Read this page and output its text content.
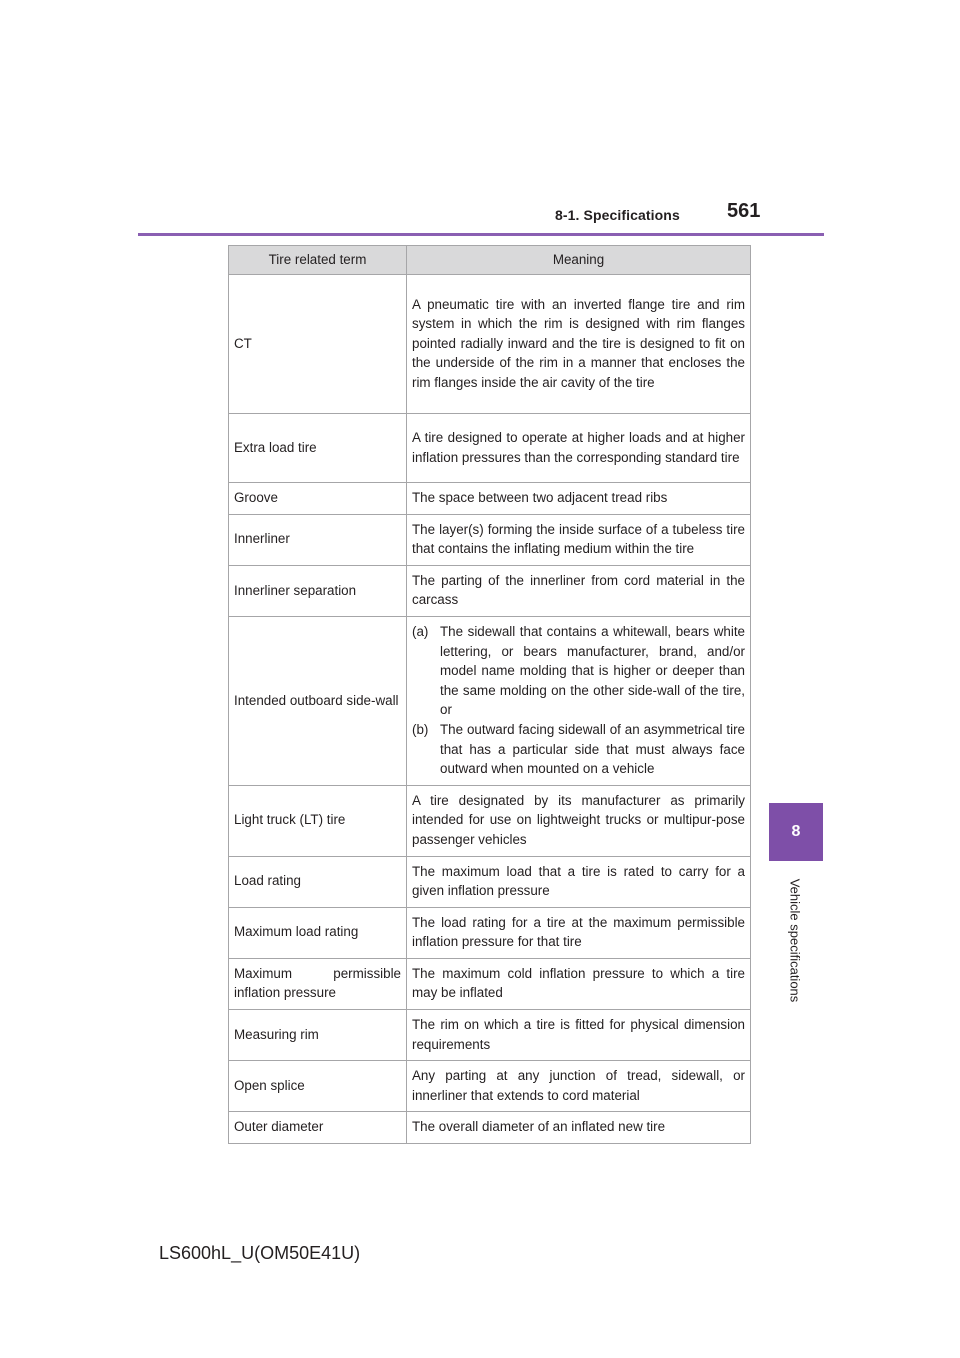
8-1. Specifications 561
8
Vehicle specifications
Tire related term	Meaning
CT	A pneumatic tire with an inverted flange tire and rim system in which the rim is designed with rim flanges pointed radially inward and the tire is designed to fit on the underside of the rim in a manner that encloses the rim flanges inside the air cavity of the tire
Extra load tire	A tire designed to operate at higher loads and at higher inflation pressures than the corresponding standard tire
Groove	The space between two adjacent tread ribs
Innerliner	The layer(s) forming the inside surface of a tubeless tire that contains the inflating medium within the tire
Innerliner separation	The parting of the innerliner from cord material in the carcass
Intended outboard side-wall	(a) The sidewall that contains a whitewall, bears white lettering, or bears manufacturer, brand, and/or model name molding that is higher or deeper than the same molding on the other side-wall of the tire, or
(b) The outward facing sidewall of an asymmetrical tire that has a particular side that must always face outward when mounted on a vehicle

Light truck (LT) tire	A tire designated by its manufacturer as primarily intended for use on lightweight trucks or multipur-pose passenger vehicles
Load rating	The maximum load that a tire is rated to carry for a given inflation pressure
Maximum load rating	The load rating for a tire at the maximum permissible inflation pressure for that tire
Maximum permissible inflation pressure	The maximum cold inflation pressure to which a tire may be inflated
Measuring rim	The rim on which a tire is fitted for physical dimension requirements
Open splice	Any parting at any junction of tread, sidewall, or innerliner that extends to cord material
Outer diameter	The overall diameter of an inflated new tire
LS600hL_U(OM50E41U)
